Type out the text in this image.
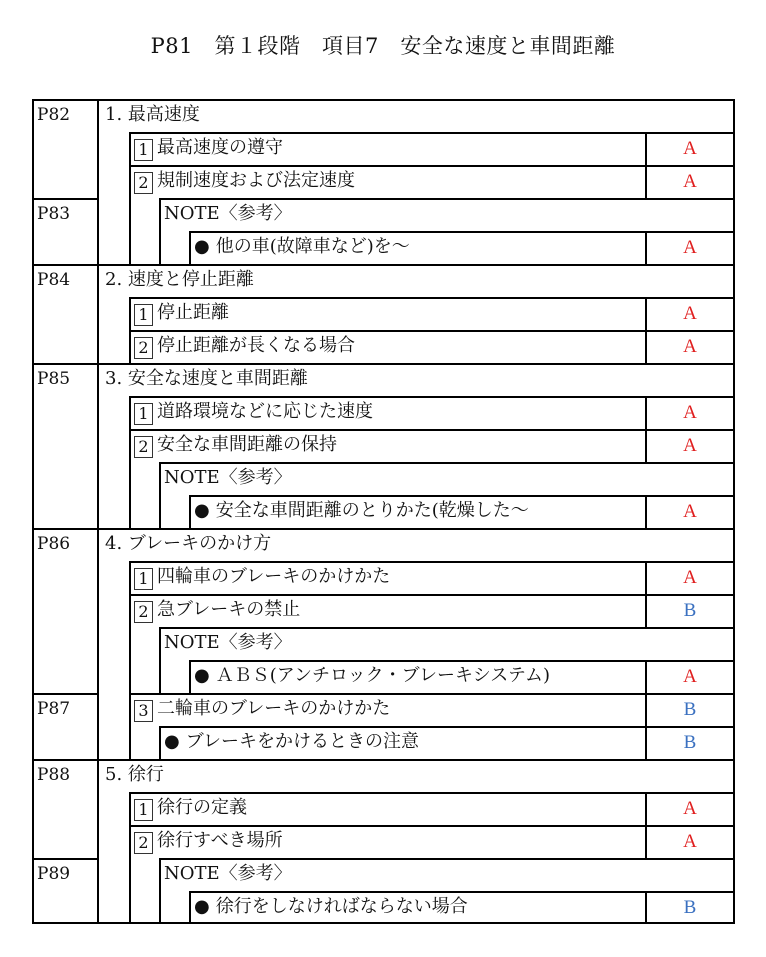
P81　第１段階　項目7　安全な速度と車間距離
P82 1. 最高速度
1 最高速度の遵守	A
2 規制速度および法定速度	A
P83	NOTE〈参考〉
● 他の車(故障車など)を～	A
P84 2. 速度と停止距離
1 停止距離	A
2 停止距離が長くなる場合	A
P85 3. 安全な速度と車間距離
1 道路環境などに応じた速度	A
2 安全な車間距離の保持	A
NOTE〈参考〉
● 安全な車間距離のとりかた(乾燥した～	A
P86 4. ブレーキのかけ方
1 四輪車のブレーキのかけかた	A
2 急ブレーキの禁止	B
NOTE〈参考〉
● ＡＢＳ(アンチロック・ブレーキシステム)	A
P87	3 二輪車のブレーキのかけかた	B
● ブレーキをかけるときの注意	B
P88 5. 徐行
1 徐行の定義	A
2 徐行すべき場所	A
P89	NOTE〈参考〉
● 徐行をしなければならない場合	B
